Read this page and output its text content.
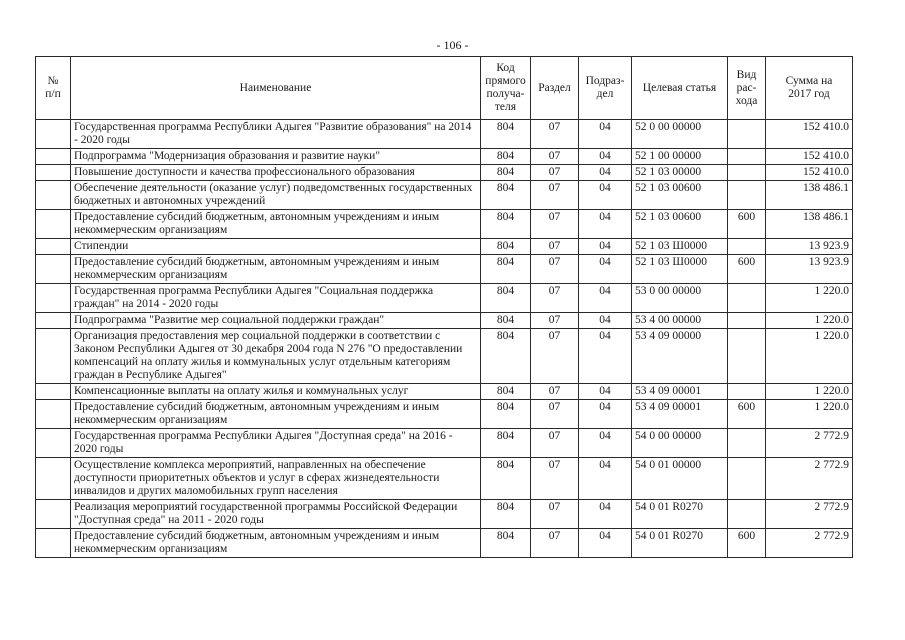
- 106 -
№
п/п	Наименование	Код
прямого
получа-
теля	Раздел	Подраз-
дел	Целевая статья	Вид
рас-
хода	Сумма на
2017 год
	Государственная программа Республики Адыгея "Развитие образования" на 2014 - 2020 годы	804	07	04	52 0 00 00000		152 410.0
	Подпрограмма "Модернизация образования и развитие науки"	804	07	04	52 1 00 00000		152 410.0
	Повышение доступности и качества профессионального образования	804	07	04	52 1 03 00000		152 410.0
	Обеспечение деятельности (оказание услуг) подведомственных государственных бюджетных и автономных учреждений	804	07	04	52 1 03 00600		138 486.1
	Предоставление субсидий бюджетным, автономным учреждениям и иным некоммерческим организациям	804	07	04	52 1 03 00600	600	138 486.1
	Стипендии	804	07	04	52 1 03 Ш0000		13 923.9
	Предоставление субсидий бюджетным, автономным учреждениям и иным некоммерческим организациям	804	07	04	52 1 03 Ш0000	600	13 923.9
	Государственная программа Республики Адыгея "Социальная поддержка граждан" на 2014 - 2020 годы	804	07	04	53 0 00 00000		1 220.0
	Подпрограмма "Развитие мер социальной поддержки граждан"	804	07	04	53 4 00 00000		1 220.0
	Организация предоставления мер социальной поддержки в соответствии с Законом Республики Адыгея от 30 декабря 2004 года N 276 "О предоставлении компенсаций на оплату жилья и коммунальных услуг отдельным категориям граждан в Республике Адыгея"	804	07	04	53 4 09 00000		1 220.0
	Компенсационные выплаты на оплату жилья и коммунальных услуг	804	07	04	53 4 09 00001		1 220.0
	Предоставление субсидий бюджетным, автономным учреждениям и иным некоммерческим организациям	804	07	04	53 4 09 00001	600	1 220.0
	Государственная программа Республики Адыгея "Доступная среда" на 2016 - 2020 годы	804	07	04	54 0 00 00000		2 772.9
	Осуществление комплекса мероприятий, направленных на обеспечение доступности приоритетных объектов и услуг в сферах жизнедеятельности инвалидов и других маломобильных групп населения	804	07	04	54 0 01 00000		2 772.9
	Реализация мероприятий государственной программы Российской Федерации "Доступная среда" на 2011 - 2020 годы	804	07	04	54 0 01 R0270		2 772.9
	Предоставление субсидий бюджетным, автономным учреждениям и иным некоммерческим организациям	804	07	04	54 0 01 R0270	600	2 772.9
